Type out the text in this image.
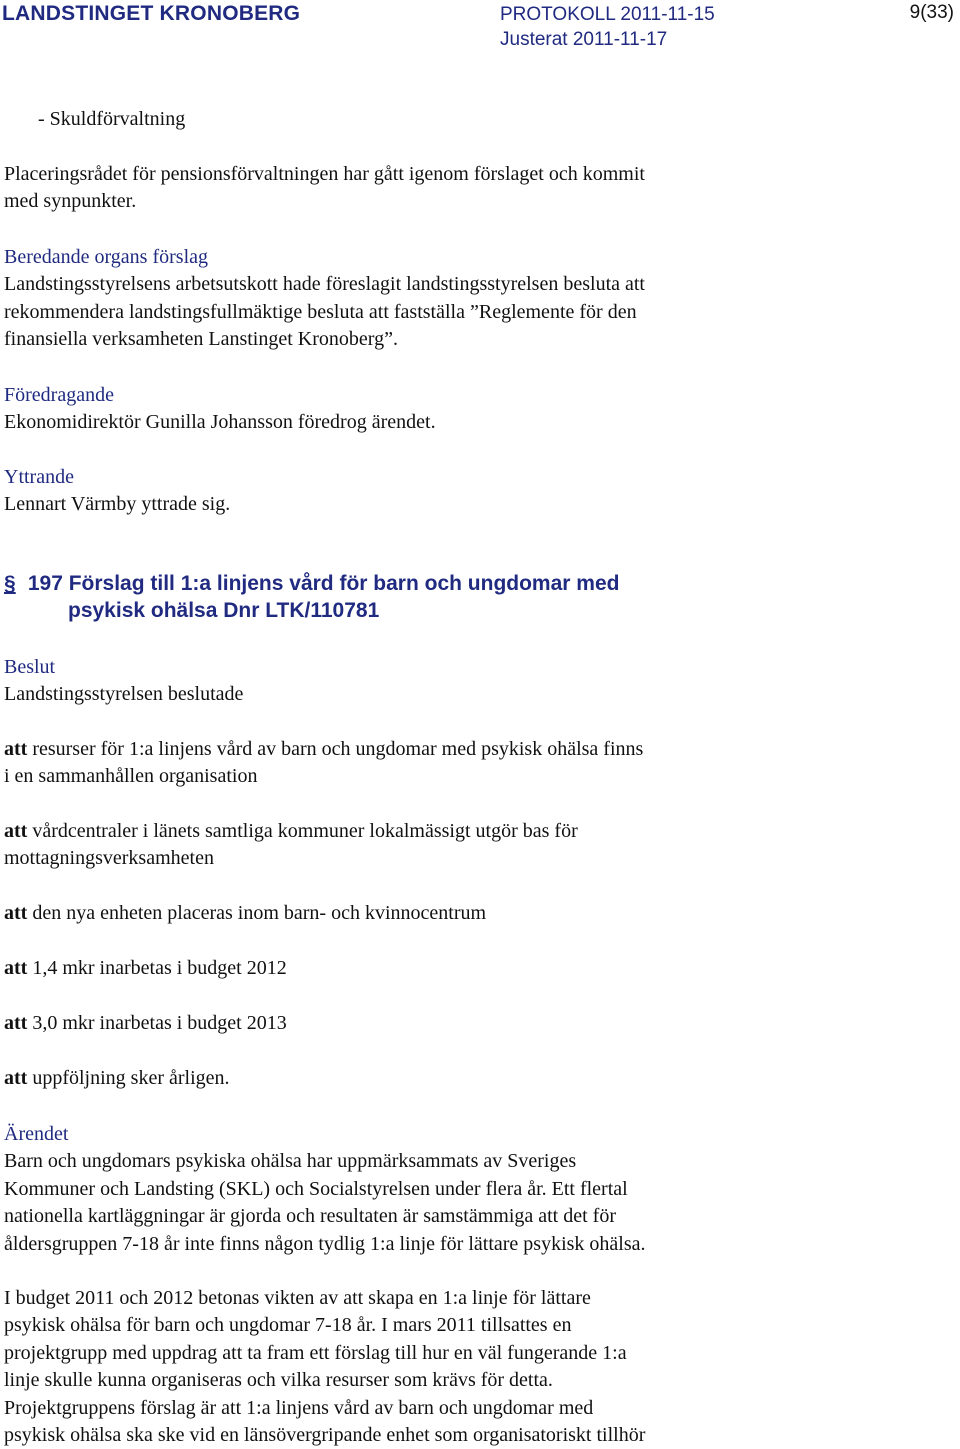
LANDSTINGET KRONOBERG	PROTOKOLL 2011-11-15
Justerat 2011-11-17
9(33)
- Skuldförvaltning
Placeringsrådet för pensionsförvaltningen har gått igenom förslaget och kommit
med synpunkter.
Beredande organs förslag
Landstingsstyrelsens arbetsutskott hade föreslagit landstingsstyrelsen besluta att
rekommendera landstingsfullmäktige besluta att fastställa ”Reglemente för den
finansiella verksamheten Lanstinget Kronoberg”.
Föredragande
Ekonomidirektör Gunilla Johansson föredrog ärendet.
Yttrande
Lennart Värmby yttrade sig.
§ 197 Förslag till 1:a linjens vård för barn och ungdomar med
psykisk ohälsa Dnr LTK/110781
Beslut
Landstingsstyrelsen beslutade
att resurser för 1:a linjens vård av barn och ungdomar med psykisk ohälsa finns
i en sammanhållen organisation
att vårdcentraler i länets samtliga kommuner lokalmässigt utgör bas för
mottagningsverksamheten
att den nya enheten placeras inom barn- och kvinnocentrum
att 1,4 mkr inarbetas i budget 2012
att 3,0 mkr inarbetas i budget 2013
att uppföljning sker årligen.
Ärendet
Barn och ungdomars psykiska ohälsa har uppmärksammats av Sveriges
Kommuner och Landsting (SKL) och Socialstyrelsen under flera år. Ett flertal
nationella kartläggningar är gjorda och resultaten är samstämmiga att det för
åldersgruppen 7-18 år inte finns någon tydlig 1:a linje för lättare psykisk ohälsa.
I budget 2011 och 2012 betonas vikten av att skapa en 1:a linje för lättare
psykisk ohälsa för barn och ungdomar 7-18 år. I mars 2011 tillsattes en
projektgrupp med uppdrag att ta fram ett förslag till hur en väl fungerande 1:a
linje skulle kunna organiseras och vilka resurser som krävs för detta.
Projektgruppens förslag är att 1:a linjens vård av barn och ungdomar med
psykisk ohälsa ska ske vid en länsövergripande enhet som organisatoriskt tillhör
